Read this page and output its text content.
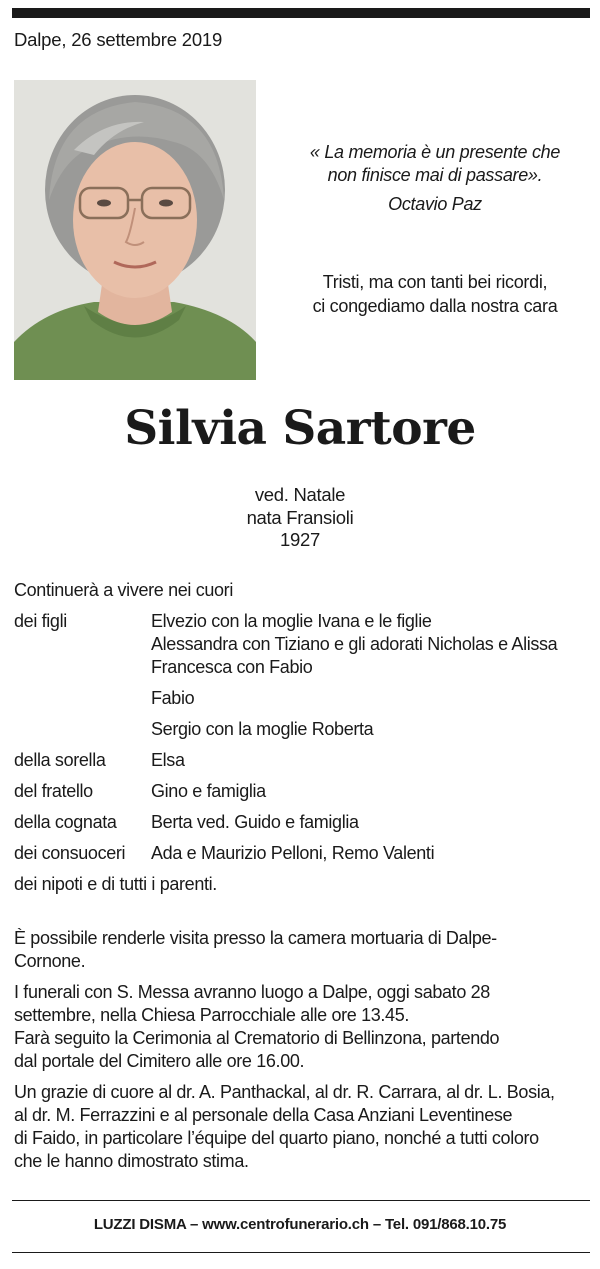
Dalpe, 26 settembre 2019
« La memoria è un presente che
non finisce mai di passare».
Octavio Paz
Tristi, ma con tanti bei ricordi,
ci congediamo dalla nostra cara
Silvia Sartore
ved. Natale
nata Fransioli
1927
Continuerà a vivere nei cuori
dei figli	Elvezio con la moglie Ivana e le figlie
Alessandra con Tiziano e gli adorati Nicholas e Alissa
Francesca con Fabio
Fabio
Sergio con la moglie Roberta
della sorella	Elsa
del fratello	Gino e famiglia
della cognata	Berta ved. Guido e famiglia
dei consuoceri	Ada e Maurizio Pelloni, Remo Valenti
dei nipoti e di tutti i parenti.

È possibile renderle visita presso la camera mortuaria di Dalpe-
Cornone.

I funerali con S. Messa avranno luogo a Dalpe, oggi sabato 28
settembre, nella Chiesa Parrocchiale alle ore 13.45.
Farà seguito la Cerimonia al Crematorio di Bellinzona, partendo
dal portale del Cimitero alle ore 16.00.

Un grazie di cuore al dr. A. Panthackal, al dr. R. Carrara, al dr. L. Bosia,
al dr. M. Ferrazzini e al personale della Casa Anziani Leventinese
di Faido, in particolare l’équipe del quarto piano, nonché a tutti coloro
che le hanno dimostrato stima.

LUZZI DISMA – www.centrofunerario.ch – Tel. 091/868.10.75
